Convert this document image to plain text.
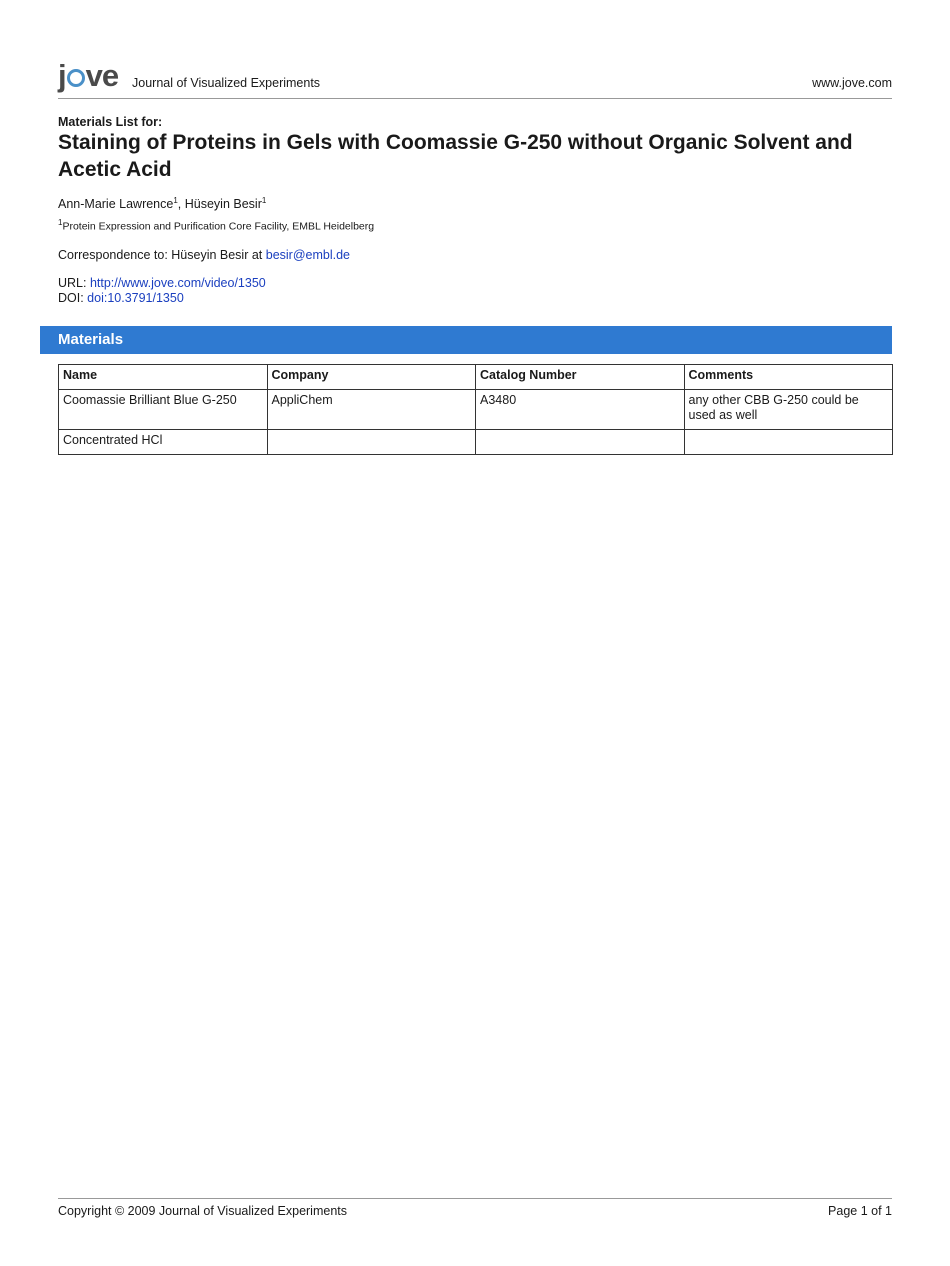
j ve Journal of Visualized Experiments	www.jove.com
Materials List for:
Staining of Proteins in Gels with Coomassie G-250 without Organic Solvent and Acetic Acid
Ann-Marie Lawrence$^1$, Hüseyin Besir$^1$
$^1$Protein Expression and Purification Core Facility, EMBL Heidelberg
Correspondence to: Hüseyin Besir at besir@embl.de
URL: http://www.jove.com/video/1350
DOI: doi:10.3791/1350
Materials
Name	Company	Catalog Number	Comments
Coomassie Brilliant Blue G-250	AppliChem	A3480	any other CBB G-250 could be used as well
Concentrated HCl			
Copyright © 2009 Journal of Visualized Experiments	Page 1 of 1
